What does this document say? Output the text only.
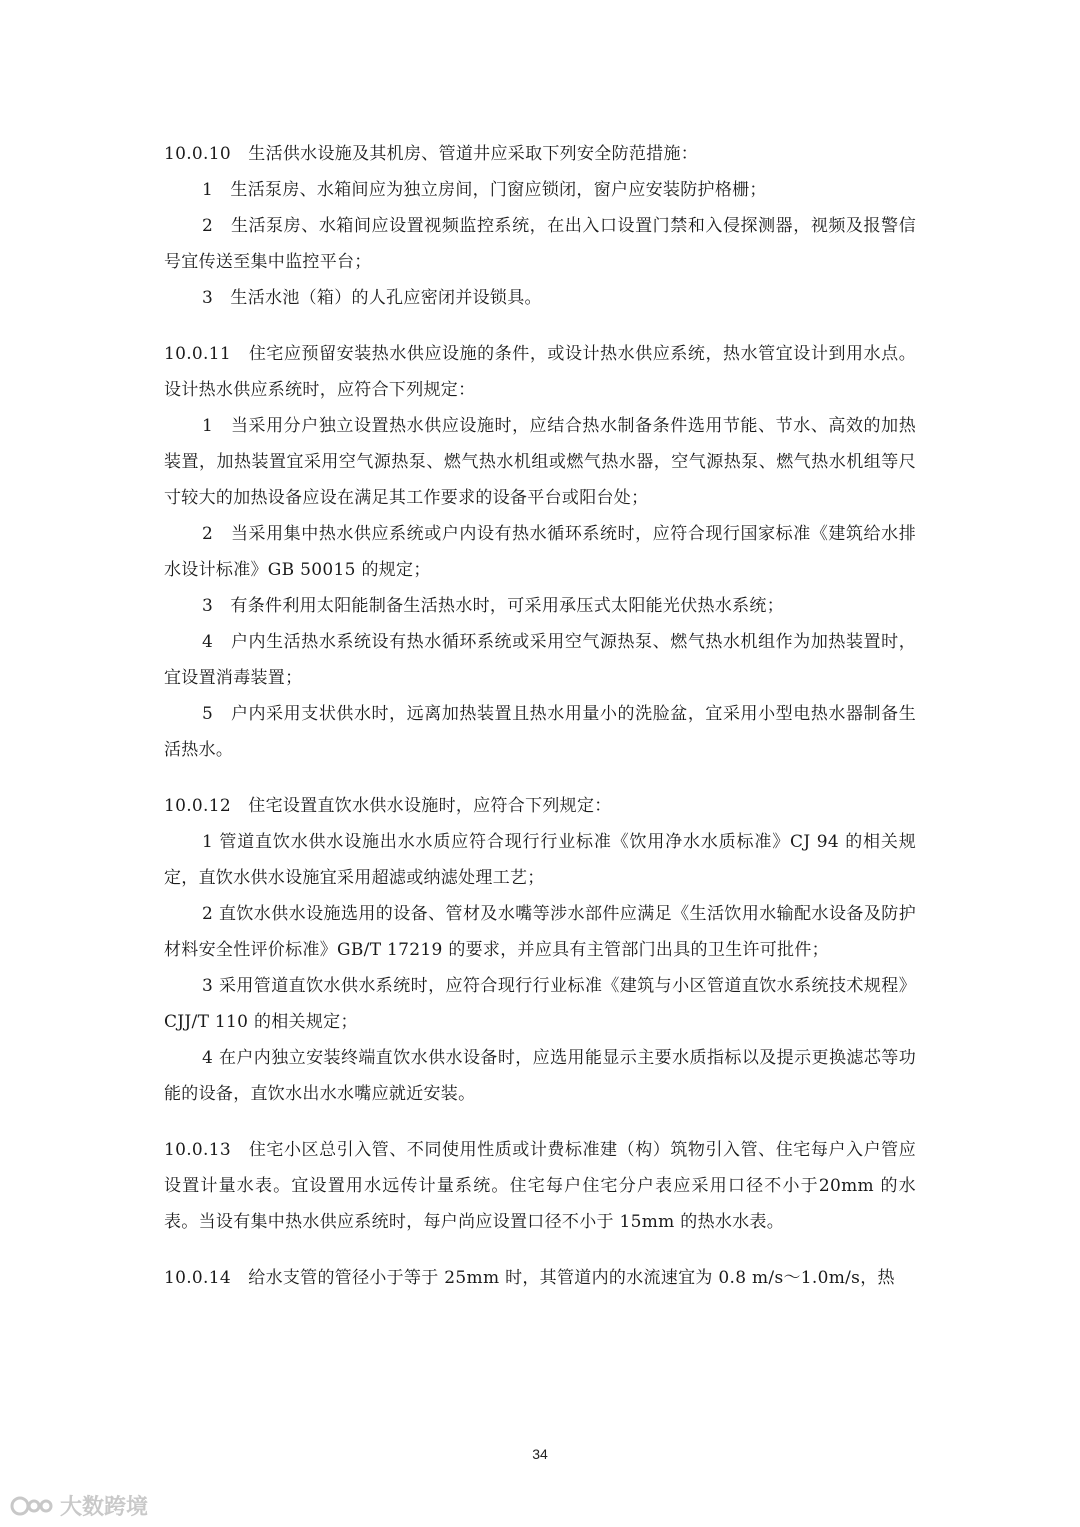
10.0.10　生活供水设施及其机房、管道井应采取下列安全防范措施：
1　生活泵房、水箱间应为独立房间，门窗应锁闭，窗户应安装防护格栅；
2　生活泵房、水箱间应设置视频监控系统，在出入口设置门禁和入侵探测器，视频及报警信号宜传送至集中监控平台；
3　生活水池（箱）的人孔应密闭并设锁具。
10.0.11　住宅应预留安装热水供应设施的条件，或设计热水供应系统，热水管宜设计到用水点。设计热水供应系统时，应符合下列规定：
1　当采用分户独立设置热水供应设施时，应结合热水制备条件选用节能、节水、高效的加热装置，加热装置宜采用空气源热泵、燃气热水机组或燃气热水器，空气源热泵、燃气热水机组等尺寸较大的加热设备应设在满足其工作要求的设备平台或阳台处；
2　当采用集中热水供应系统或户内设有热水循环系统时，应符合现行国家标准《建筑给水排水设计标准》GB 50015 的规定；
3　有条件利用太阳能制备生活热水时，可采用承压式太阳能光伏热水系统；
4　户内生活热水系统设有热水循环系统或采用空气源热泵、燃气热水机组作为加热装置时，宜设置消毒装置；
5　户内采用支状供水时，远离加热装置且热水用量小的洗脸盆，宜采用小型电热水器制备生活热水。
10.0.12　住宅设置直饮水供水设施时，应符合下列规定：
1 管道直饮水供水设施出水水质应符合现行行业标准《饮用净水水质标准》CJ 94 的相关规定，直饮水供水设施宜采用超滤或纳滤处理工艺；
2 直饮水供水设施选用的设备、管材及水嘴等涉水部件应满足《生活饮用水输配水设备及防护材料安全性评价标准》GB/T 17219 的要求，并应具有主管部门出具的卫生许可批件；
3 采用管道直饮水供水系统时，应符合现行行业标准《建筑与小区管道直饮水系统技术规程》CJJ/T 110 的相关规定；
4 在户内独立安装终端直饮水供水设备时，应选用能显示主要水质指标以及提示更换滤芯等功能的设备，直饮水出水水嘴应就近安装。
10.0.13　住宅小区总引入管、不同使用性质或计费标准建（构）筑物引入管、住宅每户入户管应设置计量水表。宜设置用水远传计量系统。住宅每户住宅分户表应采用口径不小于20mm 的水表。当设有集中热水供应系统时，每户尚应设置口径不小于 15mm 的热水水表。
10.0.14　给水支管的管径小于等于 25mm 时，其管道内的水流速宜为 0.8 m/s～1.0m/s，热
34
大数跨境
